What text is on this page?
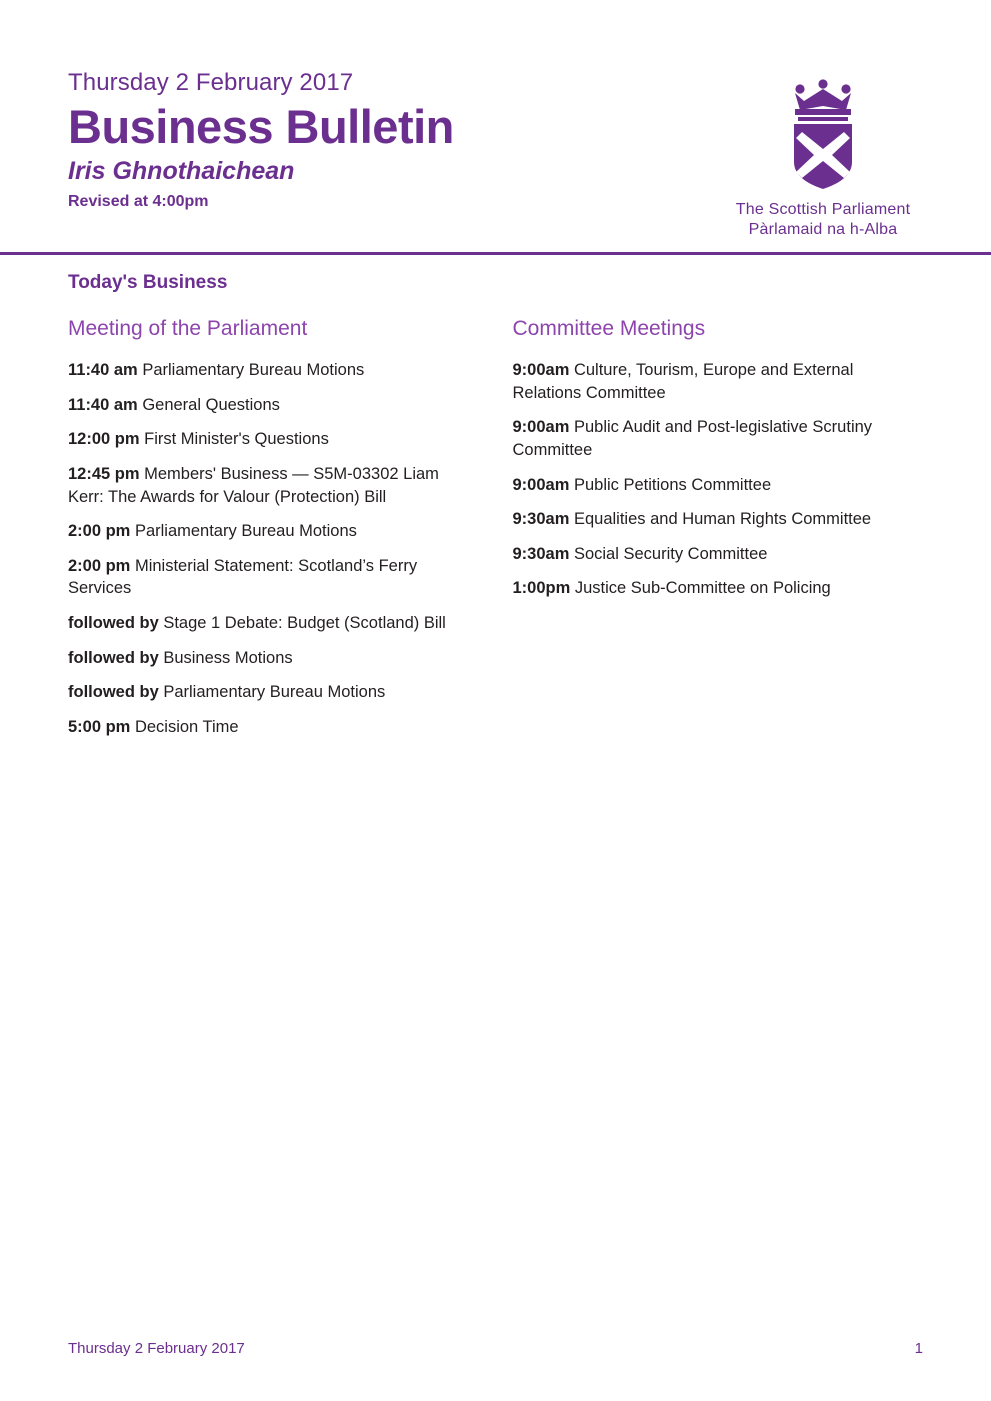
Thursday 2 February 2017
Business Bulletin
Iris Ghnothaichean
Revised at 4:00pm	The Scottish Parliament
Pàrlamaid na h-Alba
Today's Business
Meeting of the Parliament

11:40 am Parliamentary Bureau Motions

11:40 am General Questions

12:00 pm First Minister's Questions

12:45 pm Members' Business — S5M-03302 Liam Kerr: The Awards for Valour (Protection) Bill

2:00 pm Parliamentary Bureau Motions

2:00 pm Ministerial Statement: Scotland’s Ferry Services

followed by Stage 1 Debate: Budget (Scotland) Bill

followed by Business Motions

followed by Parliamentary Bureau Motions

5:00 pm Decision Time

Committee Meetings

9:00am Culture, Tourism, Europe and External Relations Committee

9:00am Public Audit and Post-legislative Scrutiny Committee

9:00am Public Petitions Committee

9:30am Equalities and Human Rights Committee

9:30am Social Security Committee

1:00pm Justice Sub-Committee on Policing

Thursday 2 February 2017	1
